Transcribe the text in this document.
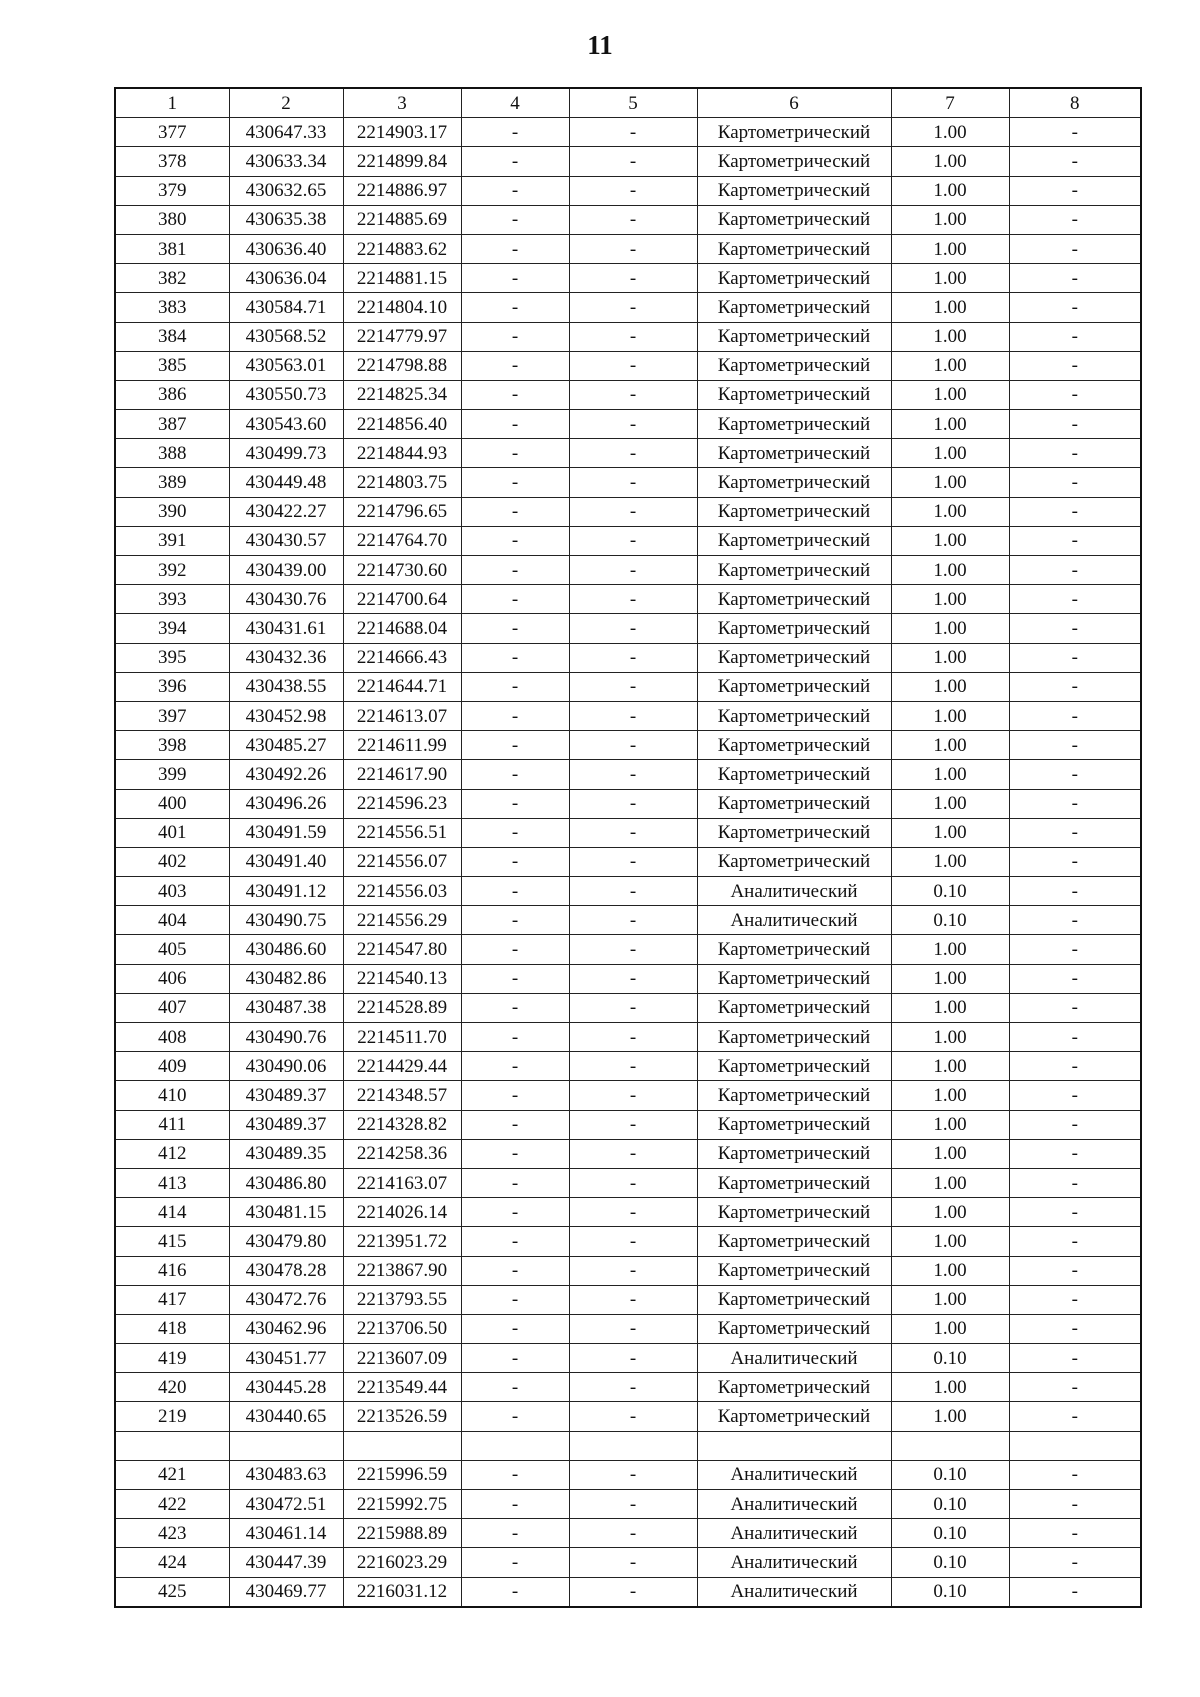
11
1	2	3	4	5	6	7	8
377	430647.33	2214903.17	-	-	Картометрический	1.00	-
378	430633.34	2214899.84	-	-	Картометрический	1.00	-
379	430632.65	2214886.97	-	-	Картометрический	1.00	-
380	430635.38	2214885.69	-	-	Картометрический	1.00	-
381	430636.40	2214883.62	-	-	Картометрический	1.00	-
382	430636.04	2214881.15	-	-	Картометрический	1.00	-
383	430584.71	2214804.10	-	-	Картометрический	1.00	-
384	430568.52	2214779.97	-	-	Картометрический	1.00	-
385	430563.01	2214798.88	-	-	Картометрический	1.00	-
386	430550.73	2214825.34	-	-	Картометрический	1.00	-
387	430543.60	2214856.40	-	-	Картометрический	1.00	-
388	430499.73	2214844.93	-	-	Картометрический	1.00	-
389	430449.48	2214803.75	-	-	Картометрический	1.00	-
390	430422.27	2214796.65	-	-	Картометрический	1.00	-
391	430430.57	2214764.70	-	-	Картометрический	1.00	-
392	430439.00	2214730.60	-	-	Картометрический	1.00	-
393	430430.76	2214700.64	-	-	Картометрический	1.00	-
394	430431.61	2214688.04	-	-	Картометрический	1.00	-
395	430432.36	2214666.43	-	-	Картометрический	1.00	-
396	430438.55	2214644.71	-	-	Картометрический	1.00	-
397	430452.98	2214613.07	-	-	Картометрический	1.00	-
398	430485.27	2214611.99	-	-	Картометрический	1.00	-
399	430492.26	2214617.90	-	-	Картометрический	1.00	-
400	430496.26	2214596.23	-	-	Картометрический	1.00	-
401	430491.59	2214556.51	-	-	Картометрический	1.00	-
402	430491.40	2214556.07	-	-	Картометрический	1.00	-
403	430491.12	2214556.03	-	-	Аналитический	0.10	-
404	430490.75	2214556.29	-	-	Аналитический	0.10	-
405	430486.60	2214547.80	-	-	Картометрический	1.00	-
406	430482.86	2214540.13	-	-	Картометрический	1.00	-
407	430487.38	2214528.89	-	-	Картометрический	1.00	-
408	430490.76	2214511.70	-	-	Картометрический	1.00	-
409	430490.06	2214429.44	-	-	Картометрический	1.00	-
410	430489.37	2214348.57	-	-	Картометрический	1.00	-
411	430489.37	2214328.82	-	-	Картометрический	1.00	-
412	430489.35	2214258.36	-	-	Картометрический	1.00	-
413	430486.80	2214163.07	-	-	Картометрический	1.00	-
414	430481.15	2214026.14	-	-	Картометрический	1.00	-
415	430479.80	2213951.72	-	-	Картометрический	1.00	-
416	430478.28	2213867.90	-	-	Картометрический	1.00	-
417	430472.76	2213793.55	-	-	Картометрический	1.00	-
418	430462.96	2213706.50	-	-	Картометрический	1.00	-
419	430451.77	2213607.09	-	-	Аналитический	0.10	-
420	430445.28	2213549.44	-	-	Картометрический	1.00	-
219	430440.65	2213526.59	-	-	Картометрический	1.00	-

421	430483.63	2215996.59	-	-	Аналитический	0.10	-
422	430472.51	2215992.75	-	-	Аналитический	0.10	-
423	430461.14	2215988.89	-	-	Аналитический	0.10	-
424	430447.39	2216023.29	-	-	Аналитический	0.10	-
425	430469.77	2216031.12	-	-	Аналитический	0.10	-
